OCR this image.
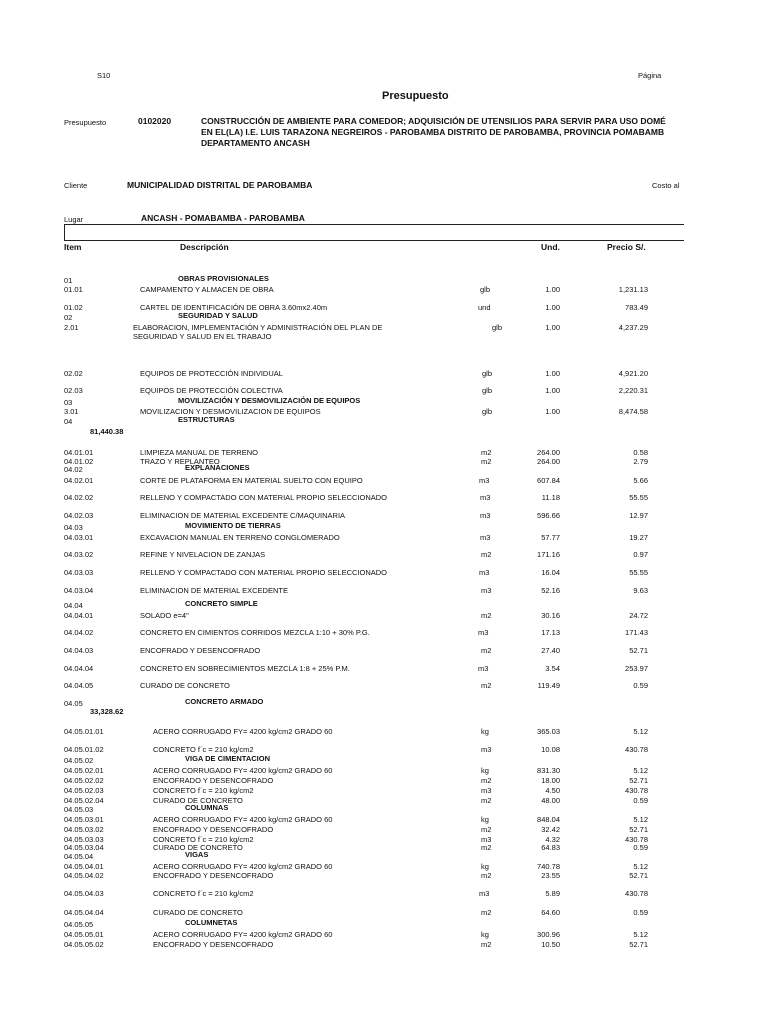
S10	Página
Presupuesto
Presupuesto	0102020	CONSTRUCCIÓN DE AMBIENTE PARA COMEDOR; ADQUISICIÓN DE UTENSILIOS PARA SERVIR PARA USO DOMÉ
EN EL(LA) I.E. LUIS TARAZONA NEGREIROS - PAROBAMBA DISTRITO DE PAROBAMBA, PROVINCIA POMABAMB
DEPARTAMENTO ANCASH
Cliente	MUNICIPALIDAD DISTRITAL DE PAROBAMBA	Costo al
Lugar	ANCASH - POMABAMBA - PAROBAMBA
Item	Descripción	Und.	Precio S/.
01	OBRAS PROVISIONALES
01.01	CAMPAMENTO Y ALMACEN DE OBRA	glb	1.00	1,231.13
01.02	CARTEL DE IDENTIFICACIÓN DE OBRA 3.60mx2.40m	und	1.00	783.49
02	SEGURIDAD Y SALUD
2.01	ELABORACION, IMPLEMENTACIÓN Y ADMINISTRACIÓN DEL PLAN DE
SEGURIDAD Y SALUD EN EL TRABAJO
glb	1.00	4,237.29
02.02	EQUIPOS DE PROTECCIÓN INDIVIDUAL	glb	1.00	4,921.20
02.03	EQUIPOS DE PROTECCIÓN COLECTIVA	glb	1.00	2,220.31
03	MOVILIZACIÓN Y DESMOVILIZACIÓN DE EQUIPOS
3.01	MOVILIZACION Y DESMOVILIZACION DE EQUIPOS	glb	1.00	8,474.58
04	ESTRUCTURAS
81,440.38
04.01.01	LIMPIEZA MANUAL DE TERRENO	m2	264.00	0.58
04.01.02	TRAZO Y REPLANTEO	m2	264.00	2.79
04.02	EXPLANACIONES
04.02.01	CORTE DE PLATAFORMA EN MATERIAL SUELTO CON EQUIPO	m3	607.84	5.66
04.02.02	RELLENO Y COMPACTADO CON MATERIAL PROPIO SELECCIONADO	m3	11.18	55.55
04.02.03	ELIMINACION DE MATERIAL EXCEDENTE C/MAQUINARIA	m3	596.66	12.97
04.03	MOVIMIENTO DE TIERRAS
04.03.01	EXCAVACION MANUAL EN TERRENO CONGLOMERADO	m3	57.77	19.27
04.03.02	REFINE Y NIVELACION DE ZANJAS	m2	171.16	0.97
04.03.03	RELLENO Y COMPACTADO CON MATERIAL PROPIO SELECCIONADO	m3	16.04	55.55
04.03.04	ELIMINACION DE MATERIAL EXCEDENTE	m3	52.16	9.63
04.04	CONCRETO SIMPLE
04.04.01	SOLADO e=4"	m2	30.16	24.72
04.04.02	CONCRETO EN CIMIENTOS CORRIDOS MEZCLA 1:10 + 30% P.G.	m3	17.13	171.43
04.04.03	ENCOFRADO Y DESENCOFRADO	m2	27.40	52.71
04.04.04	CONCRETO EN SOBRECIMIENTOS MEZCLA 1:8 + 25% P.M.	m3	3.54	253.97
04.04.05	CURADO DE CONCRETO	m2	119.49	0.59
04.05	CONCRETO ARMADO
33,328.62
04.05.01.01	ACERO CORRUGADO FY= 4200 kg/cm2 GRADO 60	kg	365.03	5.12
04.05.01.02	CONCRETO f´c = 210 kg/cm2	m3	10.08	430.78
04.05.02	VIGA DE CIMENTACION
04.05.02.01	ACERO CORRUGADO FY= 4200 kg/cm2 GRADO 60	kg	831.30	5.12
04.05.02.02	ENCOFRADO Y DESENCOFRADO	m2	18.00	52.71
04.05.02.03	CONCRETO f´c = 210 kg/cm2	m3	4.50	430.78
04.05.02.04	CURADO DE CONCRETO	m2	48.00	0.59
04.05.03	COLUMNAS
04.05.03.01	ACERO CORRUGADO FY= 4200 kg/cm2 GRADO 60	kg	848.04	5.12
04.05.03.02	ENCOFRADO Y DESENCOFRADO	m2	32.42	52.71
04.05.03.03	CONCRETO f´c = 210 kg/cm2	m3	4.32	430.78
04.05.03.04	CURADO DE CONCRETO	m2	64.83	0.59
04.05.04	VIGAS
04.05.04.01	ACERO CORRUGADO FY= 4200 kg/cm2 GRADO 60	kg	740.78	5.12
04.05.04.02	ENCOFRADO Y DESENCOFRADO	m2	23.55	52.71
04.05.04.03	CONCRETO f´c = 210 kg/cm2	m3	5.89	430.78
04.05.04.04	CURADO DE CONCRETO	m2	64.60	0.59
04.05.05	COLUMNETAS
04.05.05.01	ACERO CORRUGADO FY= 4200 kg/cm2 GRADO 60	kg	300.96	5.12
04.05.05.02	ENCOFRADO Y DESENCOFRADO	m2	10.50	52.71
